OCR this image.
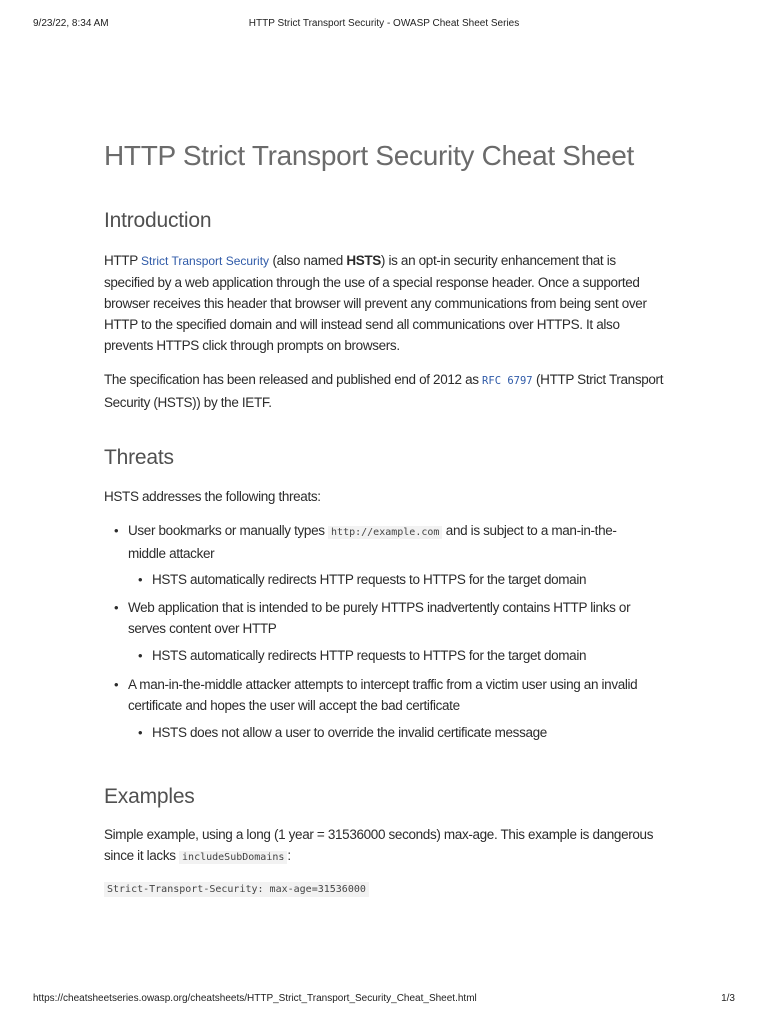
9/23/22, 8:34 AM	HTTP Strict Transport Security - OWASP Cheat Sheet Series
HTTP Strict Transport Security Cheat Sheet
Introduction

HTTP Strict Transport Security (also named HSTS) is an opt-in security enhancement that is specified by a web application through the use of a special response header. Once a supported browser receives this header that browser will prevent any communications from being sent over HTTP to the specified domain and will instead send all communications over HTTPS. It also prevents HTTPS click through prompts on browsers.

The specification has been released and published end of 2012 as RFC 6797 (HTTP Strict Transport Security (HSTS)) by the IETF.

Threats

HSTS addresses the following threats:

• User bookmarks or manually types http://example.com and is subject to a man-in-the-middle attacker
• HSTS automatically redirects HTTP requests to HTTPS for the target domain
• Web application that is intended to be purely HTTPS inadvertently contains HTTP links or serves content over HTTP
• HSTS automatically redirects HTTP requests to HTTPS for the target domain
• A man-in-the-middle attacker attempts to intercept traffic from a victim user using an invalid certificate and hopes the user will accept the bad certificate
• HSTS does not allow a user to override the invalid certificate message
Examples

Simple example, using a long (1 year = 31536000 seconds) max-age. This example is dangerous since it lacks includeSubDomains :

Strict-Transport-Security: max-age=31536000
https://cheatsheetseries.owasp.org/cheatsheets/HTTP_Strict_Transport_Security_Cheat_Sheet.html	1/3
